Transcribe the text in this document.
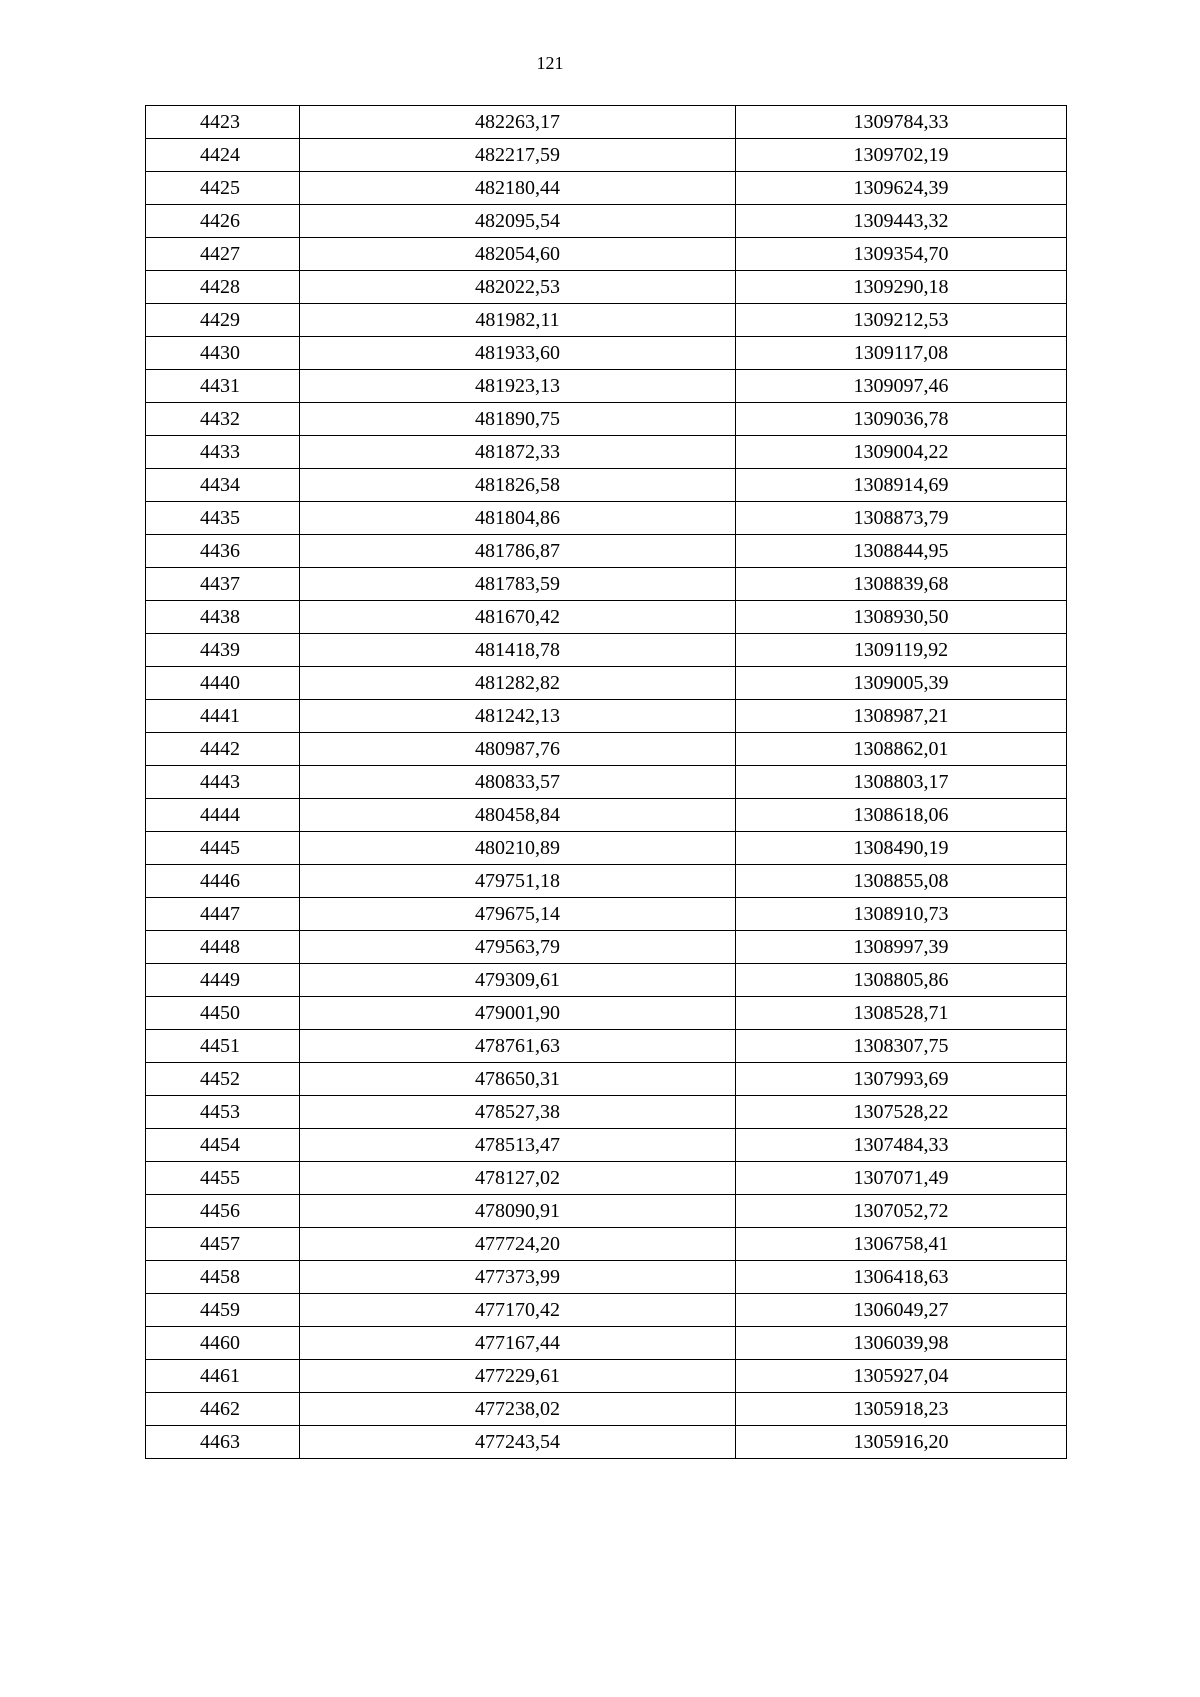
121
4423	482263,17	1309784,33
4424	482217,59	1309702,19
4425	482180,44	1309624,39
4426	482095,54	1309443,32
4427	482054,60	1309354,70
4428	482022,53	1309290,18
4429	481982,11	1309212,53
4430	481933,60	1309117,08
4431	481923,13	1309097,46
4432	481890,75	1309036,78
4433	481872,33	1309004,22
4434	481826,58	1308914,69
4435	481804,86	1308873,79
4436	481786,87	1308844,95
4437	481783,59	1308839,68
4438	481670,42	1308930,50
4439	481418,78	1309119,92
4440	481282,82	1309005,39
4441	481242,13	1308987,21
4442	480987,76	1308862,01
4443	480833,57	1308803,17
4444	480458,84	1308618,06
4445	480210,89	1308490,19
4446	479751,18	1308855,08
4447	479675,14	1308910,73
4448	479563,79	1308997,39
4449	479309,61	1308805,86
4450	479001,90	1308528,71
4451	478761,63	1308307,75
4452	478650,31	1307993,69
4453	478527,38	1307528,22
4454	478513,47	1307484,33
4455	478127,02	1307071,49
4456	478090,91	1307052,72
4457	477724,20	1306758,41
4458	477373,99	1306418,63
4459	477170,42	1306049,27
4460	477167,44	1306039,98
4461	477229,61	1305927,04
4462	477238,02	1305918,23
4463	477243,54	1305916,20
